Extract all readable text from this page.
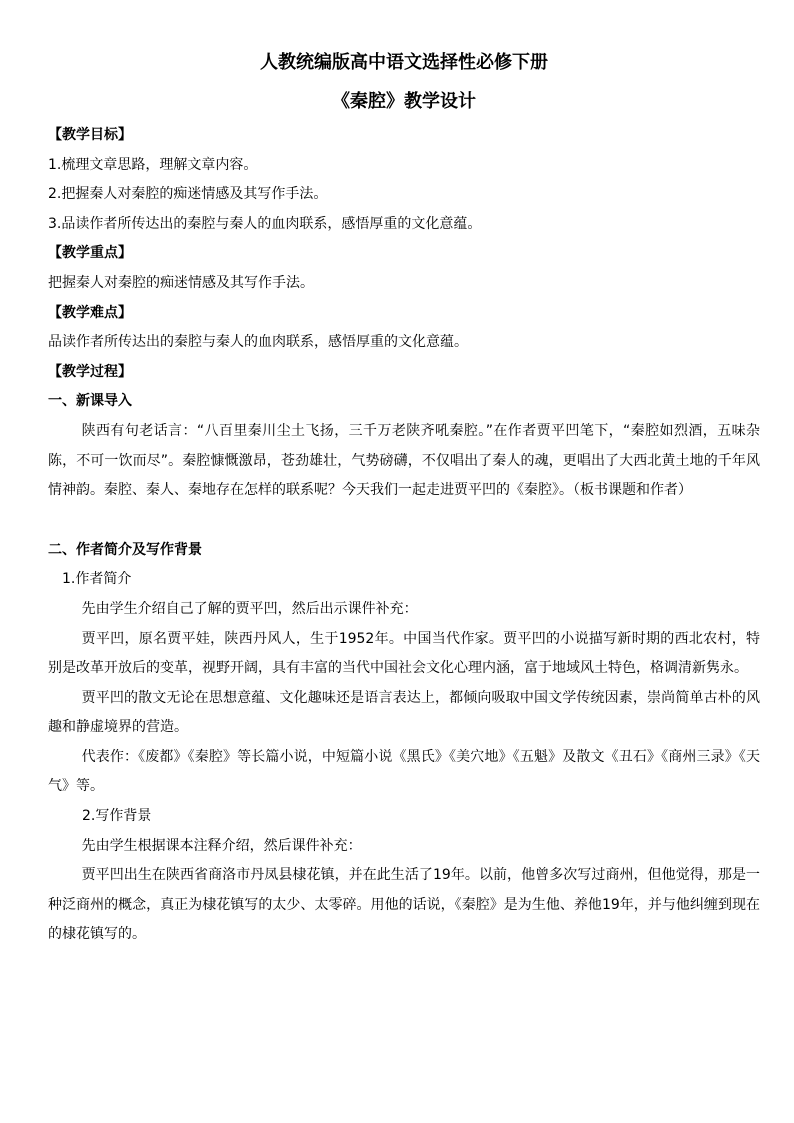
人教统编版高中语文选择性必修下册

《秦腔》教学设计

【教学目标】

1.梳理文章思路，理解文章内容。

2.把握秦人对秦腔的痴迷情感及其写作手法。

3.品读作者所传达出的秦腔与秦人的血肉联系，感悟厚重的文化意蕴。

【教学重点】

把握秦人对秦腔的痴迷情感及其写作手法。

【教学难点】

品读作者所传达出的秦腔与秦人的血肉联系，感悟厚重的文化意蕴。

【教学过程】

一、新课导入

陕西有句老话言：“八百里秦川尘土飞扬，三千万老陕齐吼秦腔。”在作者贾平凹笔下，“秦腔如烈酒，五味杂陈，不可一饮而尽”。秦腔慷慨激昂，苍劲雄壮，气势磅礴，不仅唱出了秦人的魂，更唱出了大西北黄土地的千年风情神韵。秦腔、秦人、秦地存在怎样的联系呢？今天我们一起走进贾平凹的《秦腔》。（板书课题和作者）

二、作者简介及写作背景

1.作者简介

先由学生介绍自己了解的贾平凹，然后出示课件补充：

贾平凹，原名贾平娃，陕西丹风人，生于1952年。中国当代作家。贾平凹的小说描写新时期的西北农村，特别是改革开放后的变革，视野开阔，具有丰富的当代中国社会文化心理内涵，富于地域风土特色，格调清新隽永。

贾平凹的散文无论在思想意蕴、文化趣味还是语言表达上，都倾向吸取中国文学传统因素，崇尚简单古朴的风趣和静虚境界的营造。

代表作：《废都》《秦腔》等长篇小说，中短篇小说《黑氏》《美穴地》《五魁》及散文《丑石》《商州三录》《天气》等。

2.写作背景

先由学生根据课本注释介绍，然后课件补充：

贾平凹出生在陕西省商洛市丹凤县棣花镇，并在此生活了19年。以前，他曾多次写过商州，但他觉得，那是一种泛商州的概念，真正为棣花镇写的太少、太零碎。用他的话说，《秦腔》是为生他、养他19年，并与他纠缠到现在的棣花镇写的。
